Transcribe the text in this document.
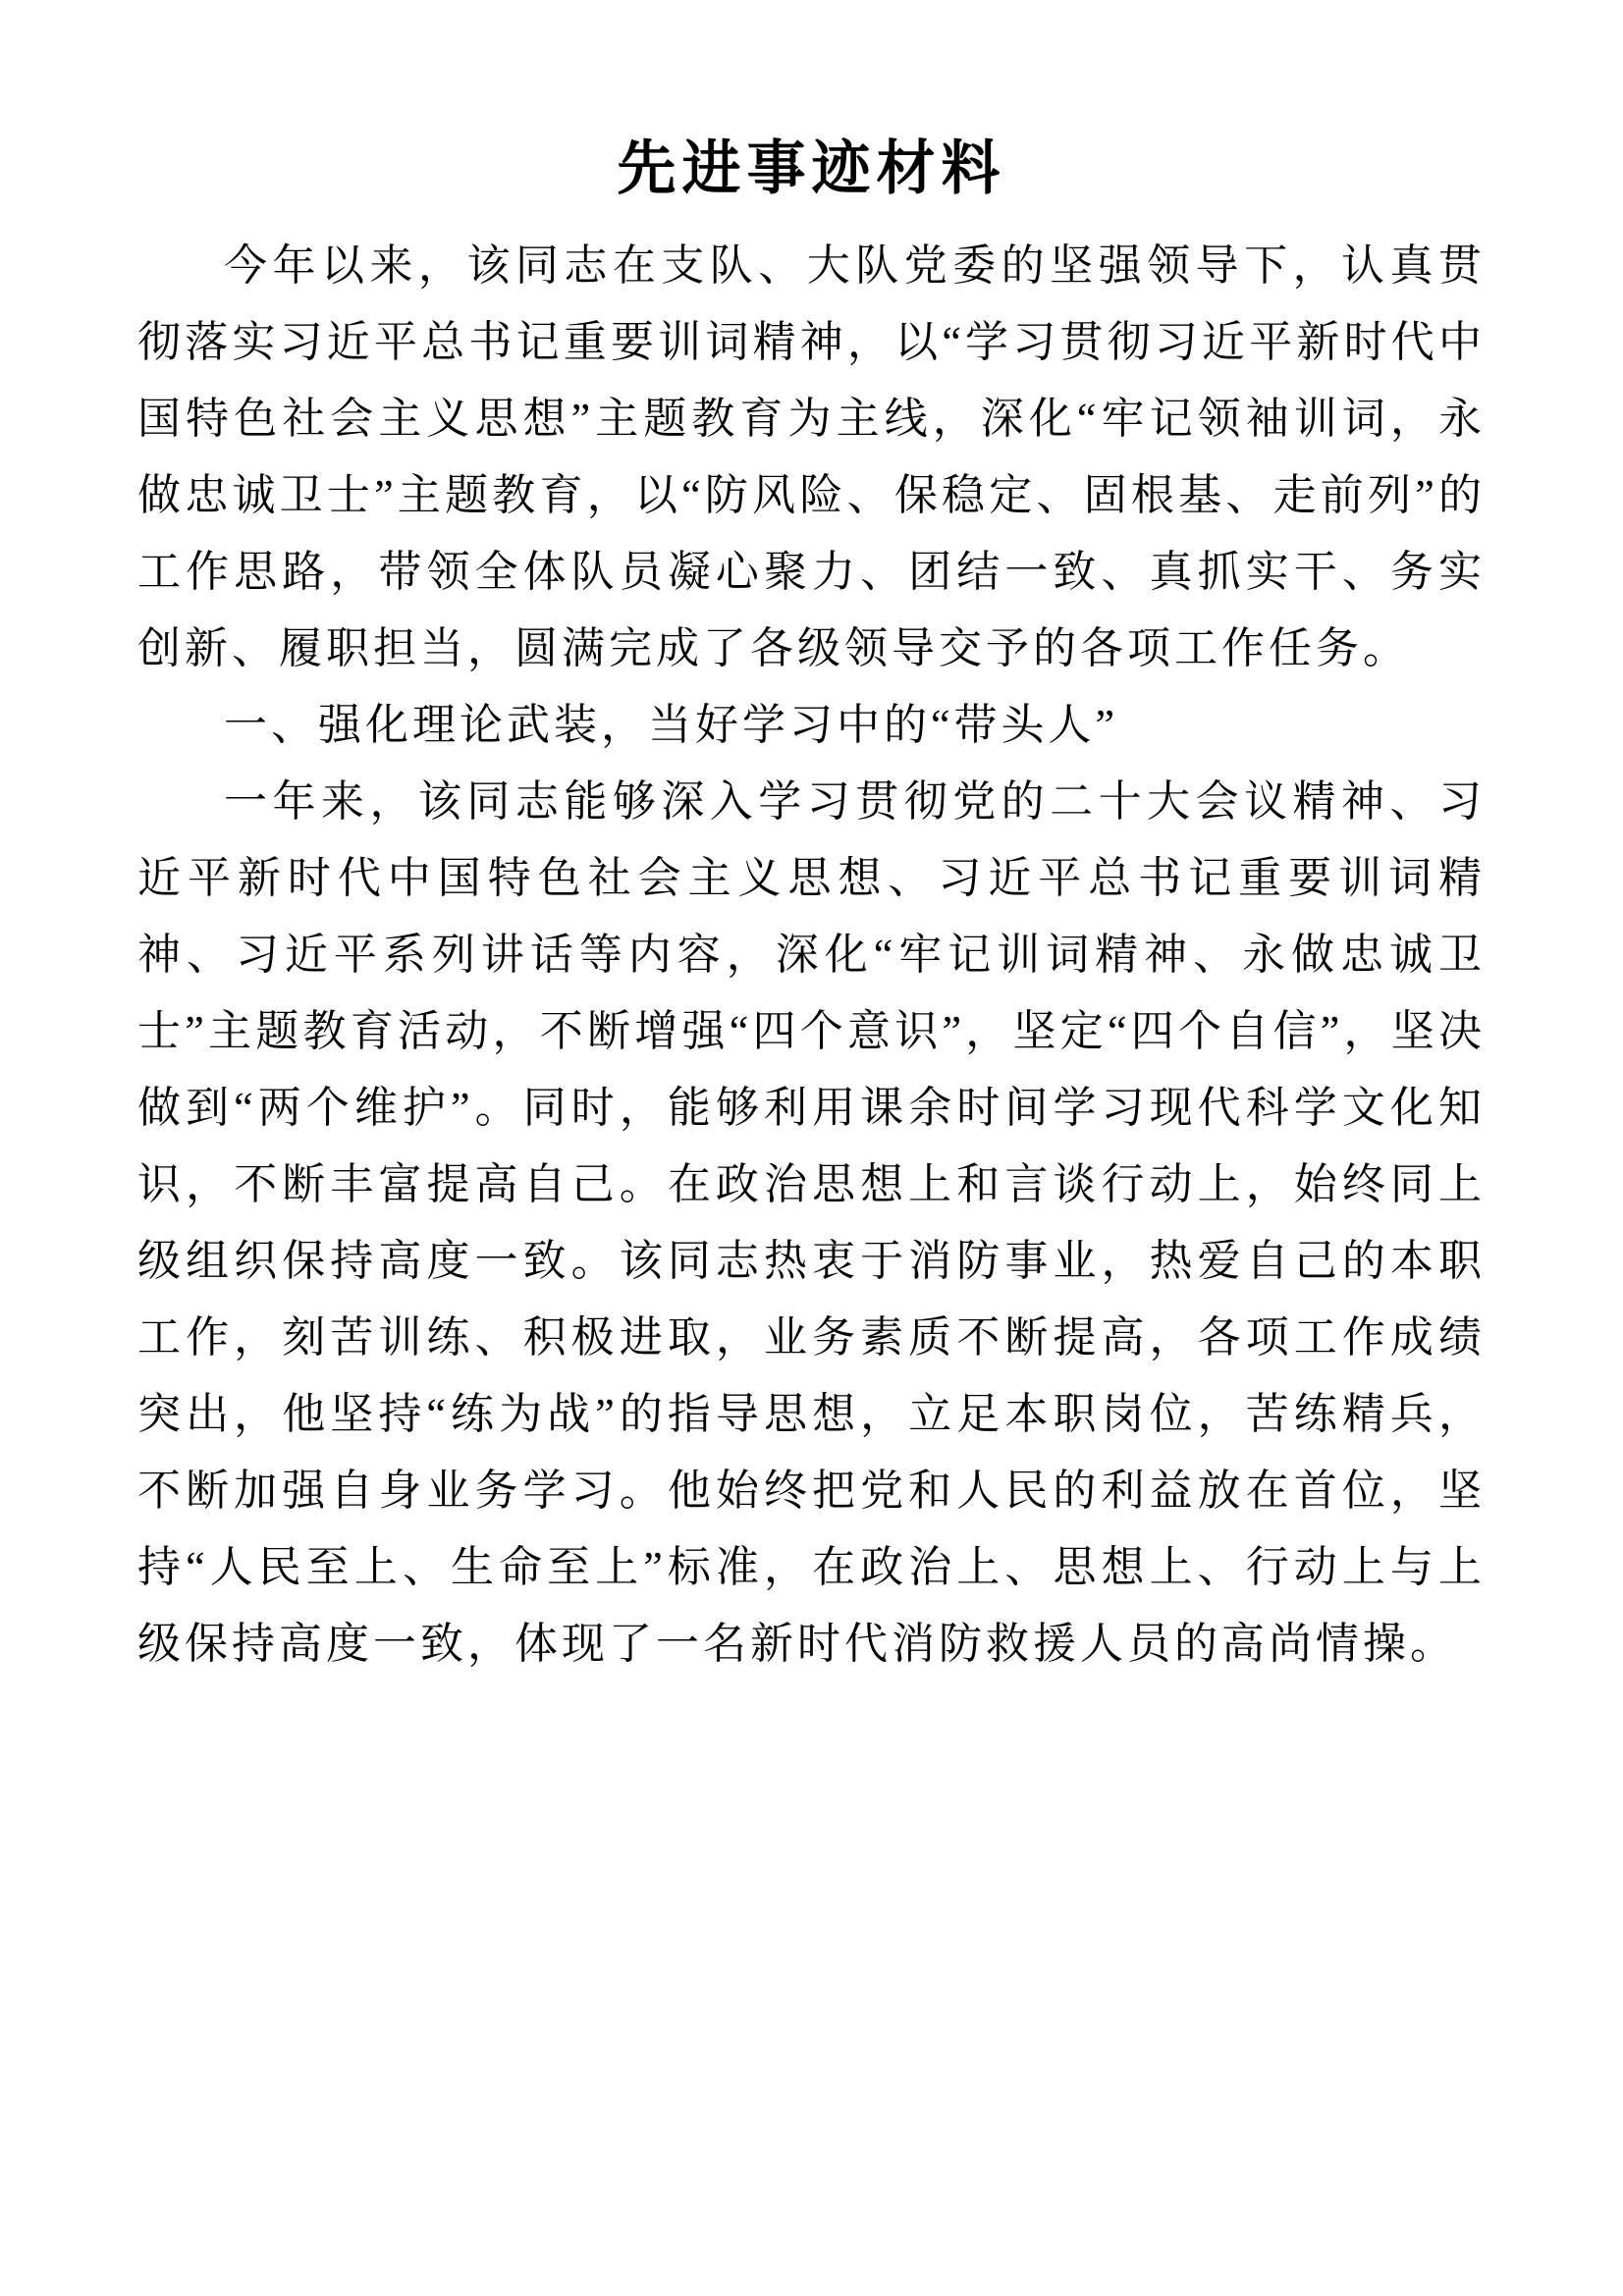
先进事迹材料

今年以来，该同志在支队、大队党委的坚强领导下，认真贯彻落实习近平总书记重要训词精神，以“学习贯彻习近平新时代中国特色社会主义思想”主题教育为主线，深化“牢记领袖训词，永做忠诚卫士”主题教育，以“防风险、保稳定、固根基、走前列”的工作思路，带领全体队员凝心聚力、团结一致、真抓实干、务实创新、履职担当，圆满完成了各级领导交予的各项工作任务。

一、强化理论武装，当好学习中的“带头人”

一年来，该同志能够深入学习贯彻党的二十大会议精神、习近平新时代中国特色社会主义思想、习近平总书记重要训词精神、习近平系列讲话等内容，深化“牢记训词精神、永做忠诚卫士”主题教育活动，不断增强“四个意识”，坚定“四个自信”，坚决做到“两个维护”。同时，能够利用课余时间学习现代科学文化知识，不断丰富提高自己。在政治思想上和言谈行动上，始终同上级组织保持高度一致。该同志热衷于消防事业，热爱自己的本职工作，刻苦训练、积极进取，业务素质不断提高，各项工作成绩突出，他坚持“练为战”的指导思想，立足本职岗位，苦练精兵，不断加强自身业务学习。他始终把党和人民的利益放在首位，坚持“人民至上、生命至上”标准，在政治上、思想上、行动上与上级保持高度一致，体现了一名新时代消防救援人员的高尚情操。
